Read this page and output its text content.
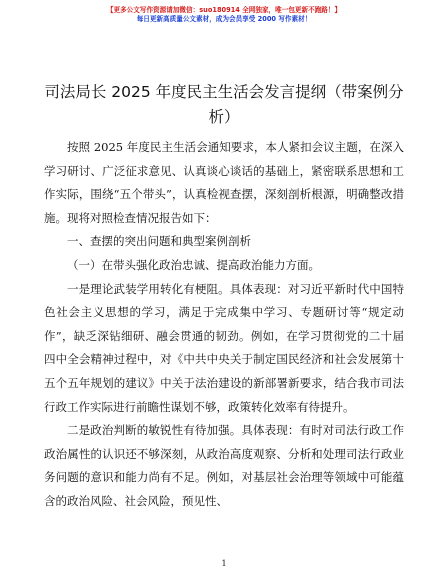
【更多公文写作资源请加微信：suo180914 全网独家，唯一包更新不跑路！】
每日更新高质量公文素材，成为会员享受 2000 写作素材！
司法局长 2025 年度民主生活会发言提纲（带案例分析）

按照 2025 年度民主生活会通知要求，本人紧扣会议主题，在深入学习研讨、广泛征求意见、认真谈心谈话的基础上，紧密联系思想和工作实际，围绕“五个带头”，认真检视查摆，深刻剖析根源，明确整改措施。现将对照检查情况报告如下：

一、查摆的突出问题和典型案例剖析

（一）在带头强化政治忠诚、提高政治能力方面。

一是理论武装学用转化有梗阻。具体表现：对习近平新时代中国特色社会主义思想的学习，满足于完成集中学习、专题研讨等“规定动作”，缺乏深钻细研、融会贯通的韧劲。例如，在学习贯彻党的二十届四中全会精神过程中，对《中共中央关于制定国民经济和社会发展第十五个五年规划的建议》中关于法治建设的新部署新要求，结合我市司法行政工作实际进行前瞻性谋划不够，政策转化效率有待提升。

二是政治判断的敏锐性有待加强。具体表现：有时对司法行政工作政治属性的认识还不够深刻，从政治高度观察、分析和处理司法行政业务问题的意识和能力尚有不足。例如，对基层社会治理等领域中可能蕴含的政治风险、社会风险，预见性、

1
